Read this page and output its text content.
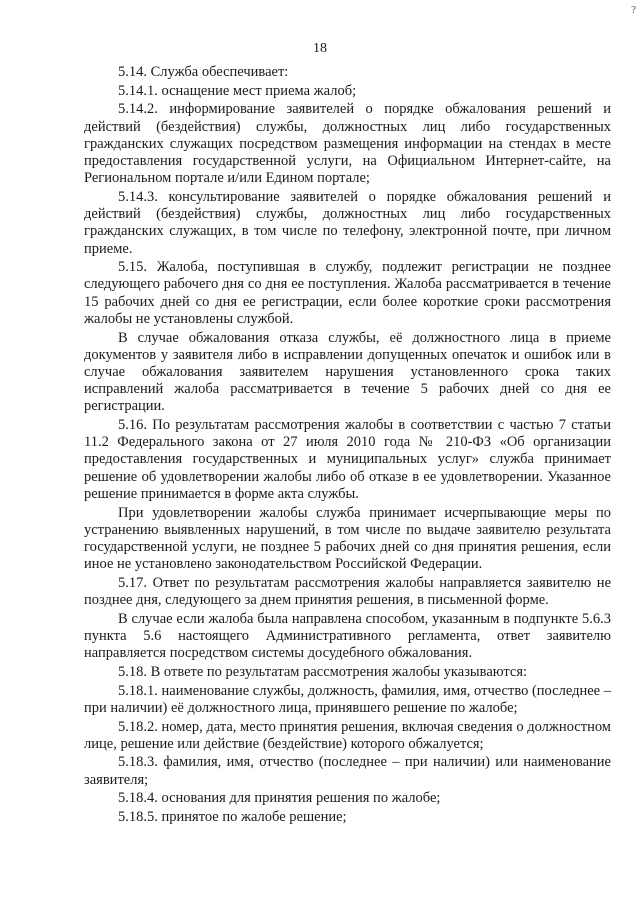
18

5.14. Служба обеспечивает:

5.14.1. оснащение мест приема жалоб;

5.14.2. информирование заявителей о порядке обжалования решений и действий (бездействия) службы, должностных лиц либо государственных гражданских служащих посредством размещения информации на стендах в месте предоставления государственной услуги, на Официальном Интернет-сайте, на Региональном портале и/или Едином портале;

5.14.3. консультирование заявителей о порядке обжалования решений и действий (бездействия) службы, должностных лиц либо государственных гражданских служащих, в том числе по телефону, электронной почте, при личном приеме.

5.15. Жалоба, поступившая в службу, подлежит регистрации не позднее следующего рабочего дня со дня ее поступления. Жалоба рассматривается в течение 15 рабочих дней со дня ее регистрации, если более короткие сроки рассмотрения жалобы не установлены службой.

В случае обжалования отказа службы, её должностного лица в приеме документов у заявителя либо в исправлении допущенных опечаток и ошибок или в случае обжалования заявителем нарушения установленного срока таких исправлений жалоба рассматривается в течение 5 рабочих дней со дня ее регистрации.

5.16. По результатам рассмотрения жалобы в соответствии с частью 7 статьи 11.2 Федерального закона от 27 июля 2010 года № 210-ФЗ «Об организации предоставления государственных и муниципальных услуг» служба принимает решение об удовлетворении жалобы либо об отказе в ее удовлетворении. Указанное решение принимается в форме акта службы.

При удовлетворении жалобы служба принимает исчерпывающие меры по устранению выявленных нарушений, в том числе по выдаче заявителю результата государственной услуги, не позднее 5 рабочих дней со дня принятия решения, если иное не установлено законодательством Российской Федерации.

5.17. Ответ по результатам рассмотрения жалобы направляется заявителю не позднее дня, следующего за днем принятия решения, в письменной форме.

В случае если жалоба была направлена способом, указанным в подпункте 5.6.3 пункта 5.6 настоящего Административного регламента, ответ заявителю направляется посредством системы досудебного обжалования.

5.18. В ответе по результатам рассмотрения жалобы указываются:

5.18.1. наименование службы, должность, фамилия, имя, отчество (последнее – при наличии) её должностного лица, принявшего решение по жалобе;

5.18.2. номер, дата, место принятия решения, включая сведения о должностном лице, решение или действие (бездействие) которого обжалуется;

5.18.3. фамилия, имя, отчество (последнее – при наличии) или наименование заявителя;

5.18.4. основания для принятия решения по жалобе;

5.18.5. принятое по жалобе решение;

?
